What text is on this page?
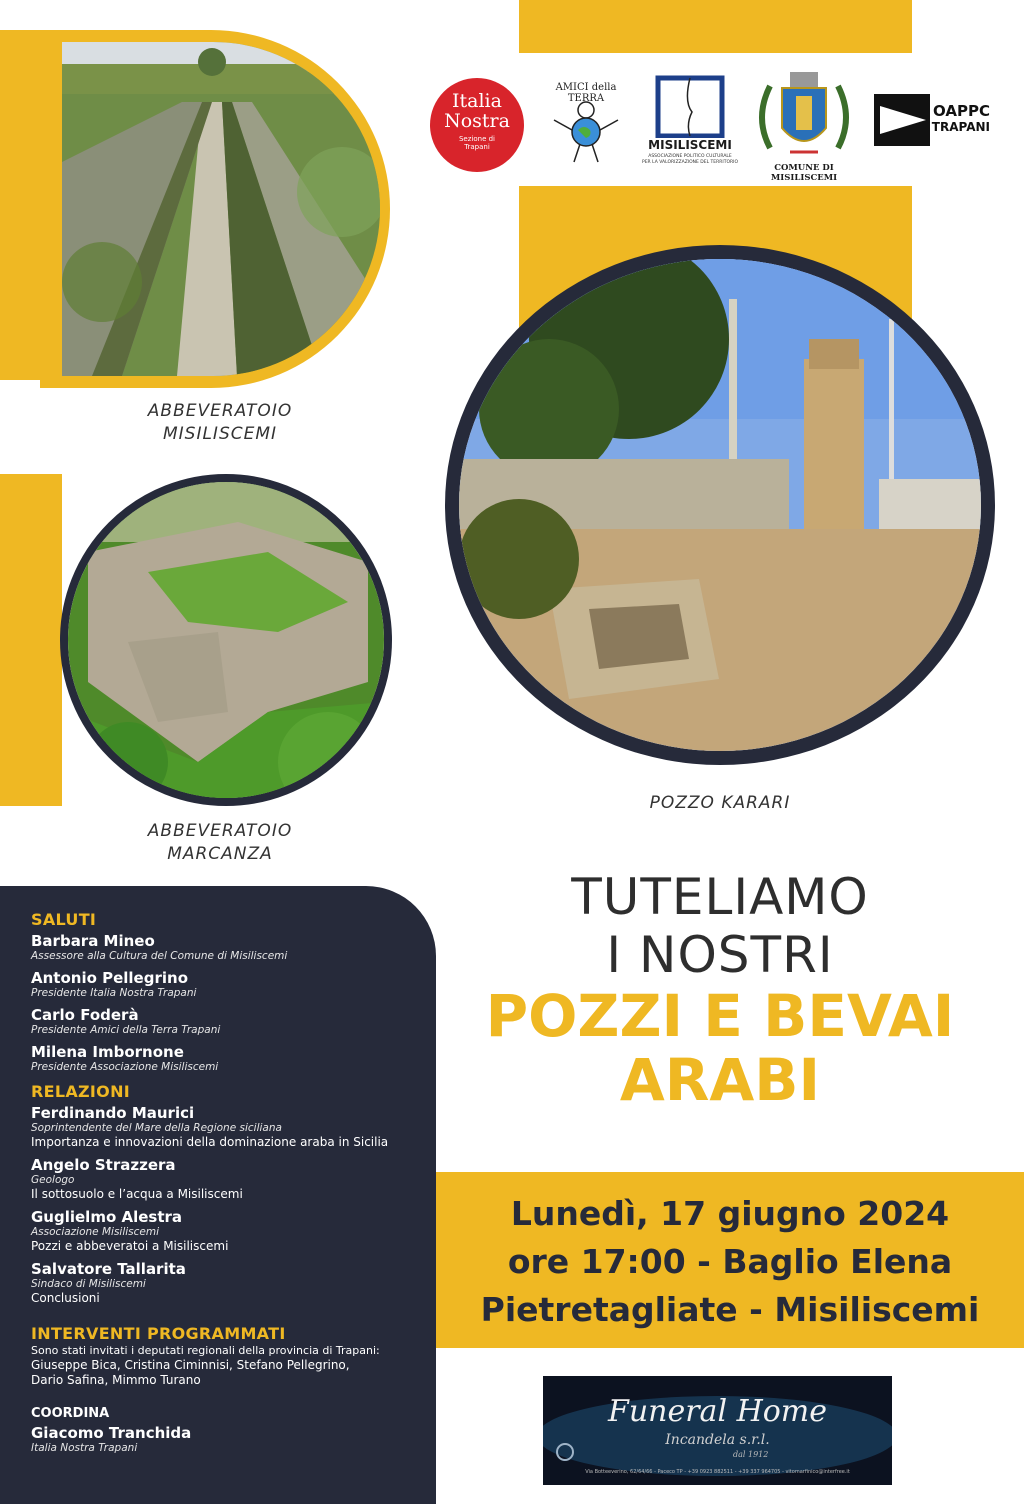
ABBEVERATOIO
MISILISCEMI
ABBEVERATOIO
MARCANZA
POZZO KARARI
Italia
Nostra
Sezione di
Trapani
AMICI della TERRA
MISILISCEMI
ASSOCIAZIONE POLITICO CULTURALE
PER LA VALORIZZAZIONE DEL TERRITORIO
COMUNE DI MISILISCEMI
OAPPC
TRAPANI
TUTELIAMO
I NOSTRI
POZZI E BEVAI
ARABI
Lunedì, 17 giugno 2024
ore 17:00 - Baglio Elena
Pietretagliate - Misiliscemi
SALUTI
Barbara Mineo
Assessore alla Cultura del Comune di Misiliscemi
Antonio Pellegrino
Presidente Italia Nostra Trapani
Carlo Foderà
Presidente Amici della Terra Trapani
Milena Imbornone
Presidente Associazione Misiliscemi
RELAZIONI
Ferdinando Maurici
Soprintendente del Mare della Regione siciliana
Importanza e innovazioni della dominazione araba in Sicilia
Angelo Strazzera
Geologo
Il sottosuolo e l’acqua a Misiliscemi
Guglielmo Alestra
Associazione Misiliscemi
Pozzi e abbeveratoi a Misiliscemi
Salvatore Tallarita
Sindaco di Misiliscemi
Conclusioni
INTERVENTI PROGRAMMATI
Sono stati invitati i deputati regionali della provincia di Trapani:
Giuseppe Bica, Cristina Ciminnisi, Stefano Pellegrino,
Dario Safina, Mimmo Turano
COORDINA
Giacomo Tranchida
Italia Nostra Trapani
Funeral Home
Incandela s.r.l.
dal 1912
Via Botteeverino, 62/64/66 - Paceco TP - +39 0923 882511 - +39 337 964705 - vitomarfinico@interfree.it
